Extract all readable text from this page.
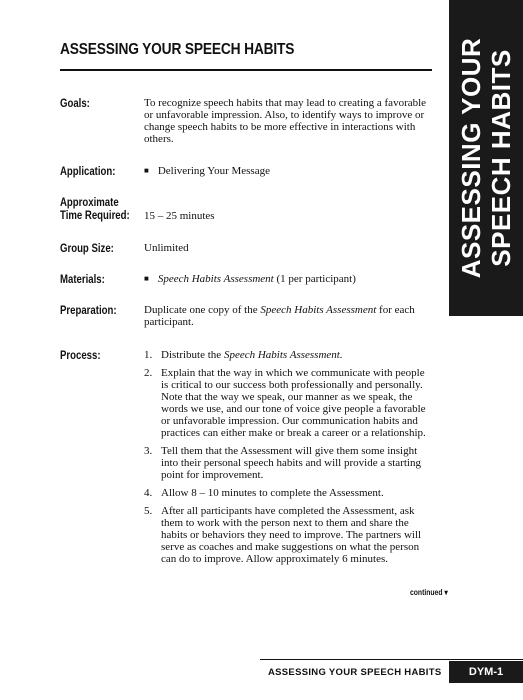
ASSESSING YOUR SPEECH HABITS	ASSESSING YOUR SPEECH HABITS
Goals:	To recognize speech habits that may lead to creating a favorable or unfavorable impression. Also, to identify ways to improve or change speech habits to be more effective in interactions with others.
Application:	■ Delivering Your Message
Approximate
Time Required: 15 – 25 minutes
Group Size:	Unlimited
Materials:	■ Speech Habits Assessment (1 per participant)
Preparation:	Duplicate one copy of the Speech Habits Assessment for each participant.
Process:	1. Distribute the Speech Habits Assessment.
2. Explain that the way in which we communicate with people is critical to our success both professionally and personally. Note that the way we speak, our manner as we speak, the words we use, and our tone of voice give people a favorable or unfavorable impression. Our communication habits and practices can either make or break a career or a relationship.
3. Tell them that the Assessment will give them some insight into their personal speech habits and will provide a starting point for improvement.
4. Allow 8 – 10 minutes to complete the Assessment.
5. After all participants have completed the Assessment, ask them to work with the person next to them and share the habits or behaviors they need to improve. The partners will serve as coaches and make suggestions on what the person can do to improve. Allow approximately 6 minutes.
continued ▾
ASSESSING YOUR SPEECH HABITS	DYM-1
